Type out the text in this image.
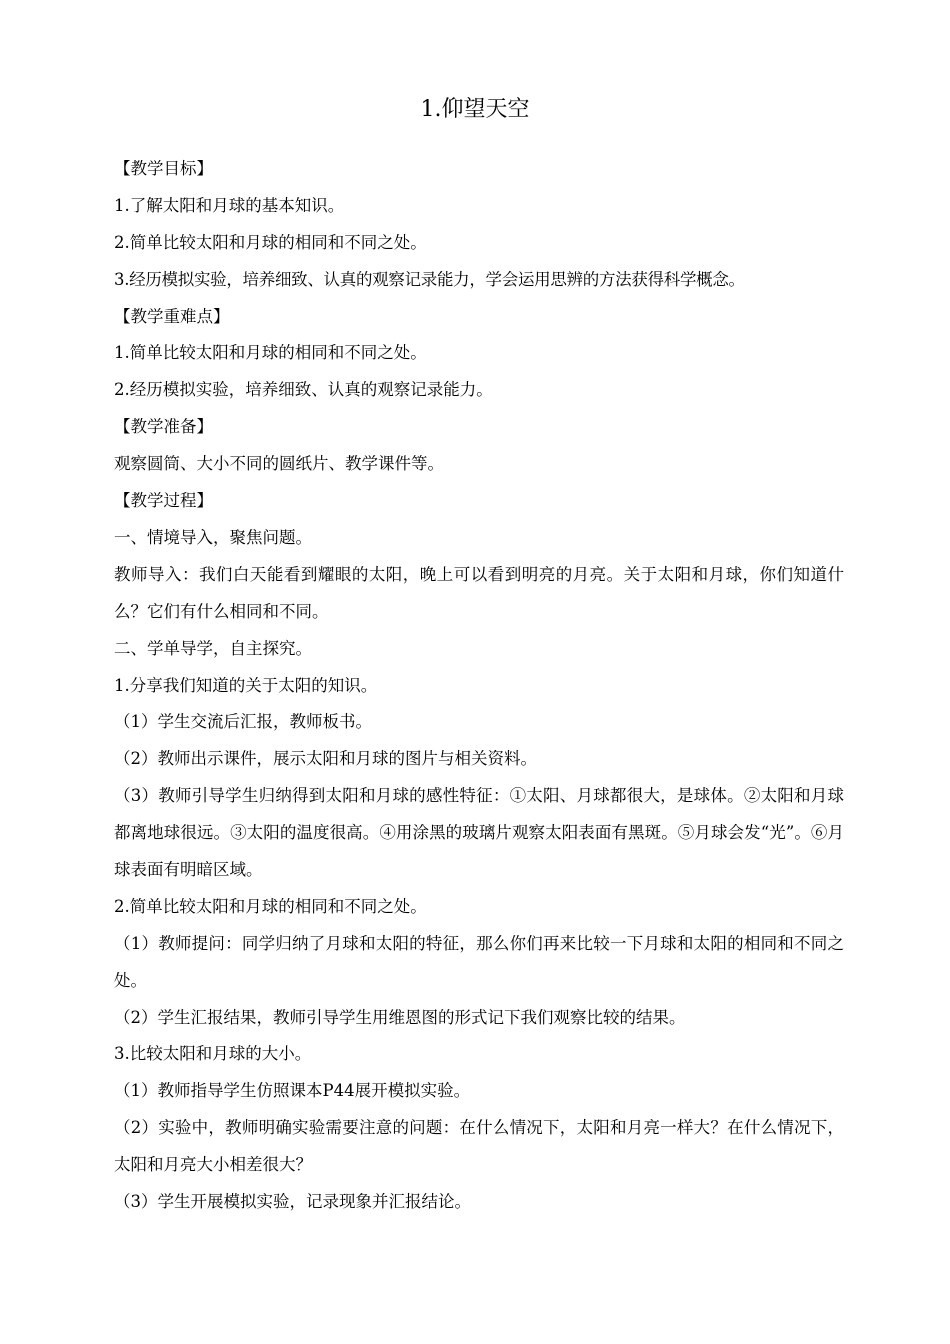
1.仰望天空
【教学目标】
1.了解太阳和月球的基本知识。
2.简单比较太阳和月球的相同和不同之处。
3.经历模拟实验，培养细致、认真的观察记录能力，学会运用思辨的方法获得科学概念。
【教学重难点】
1.简单比较太阳和月球的相同和不同之处。
2.经历模拟实验，培养细致、认真的观察记录能力。
【教学准备】
观察圆筒、大小不同的圆纸片、教学课件等。
【教学过程】
一、情境导入，聚焦问题。
教师导入：我们白天能看到耀眼的太阳，晚上可以看到明亮的月亮。关于太阳和月球，你们知道什么？它们有什么相同和不同。
二、学单导学，自主探究。
1.分享我们知道的关于太阳的知识。
（1）学生交流后汇报，教师板书。
（2）教师出示课件，展示太阳和月球的图片与相关资料。
（3）教师引导学生归纳得到太阳和月球的感性特征：①太阳、月球都很大，是球体。②太阳和月球都离地球很远。③太阳的温度很高。④用涂黑的玻璃片观察太阳表面有黑斑。⑤月球会发“光”。⑥月球表面有明暗区域。
2.简单比较太阳和月球的相同和不同之处。
（1）教师提问：同学归纳了月球和太阳的特征，那么你们再来比较一下月球和太阳的相同和不同之处。
（2）学生汇报结果，教师引导学生用维恩图的形式记下我们观察比较的结果。
3.比较太阳和月球的大小。
（1）教师指导学生仿照课本P44展开模拟实验。
（2）实验中，教师明确实验需要注意的问题：在什么情况下，太阳和月亮一样大？在什么情况下，太阳和月亮大小相差很大？
（3）学生开展模拟实验，记录现象并汇报结论。
